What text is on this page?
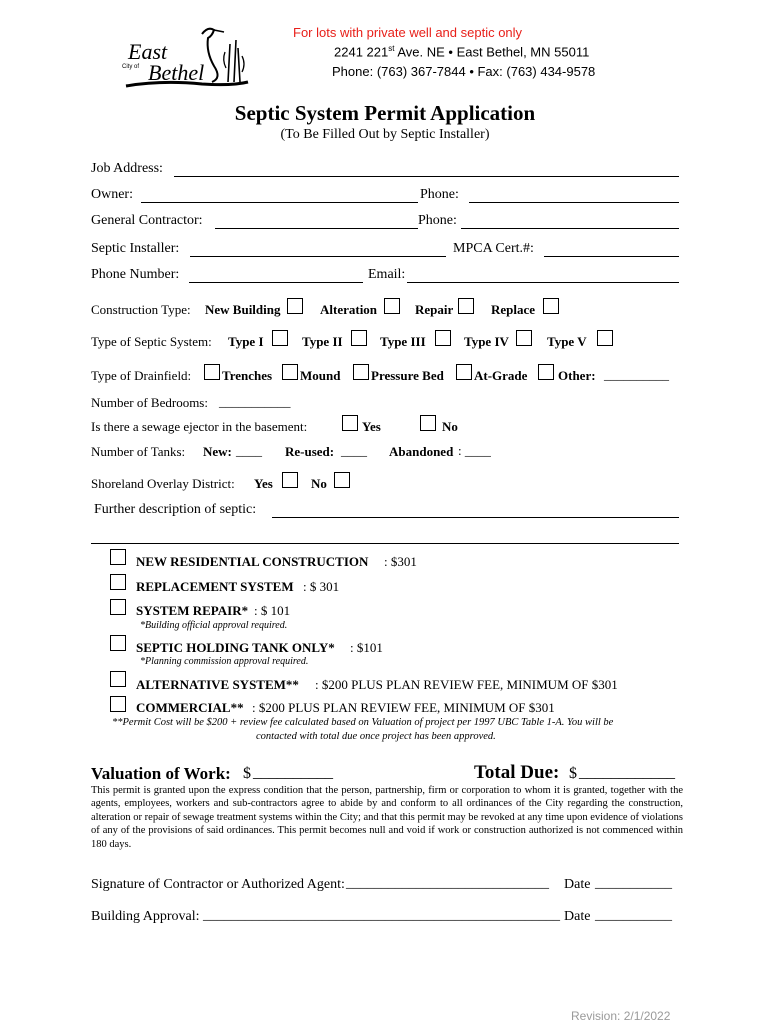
East
City of Bethel
For lots with private well and septic only
2241 221st Ave. NE • East Bethel, MN 55011
Phone: (763) 367-7844 • Fax: (763) 434-9578
Septic System Permit Application
(To Be Filled Out by Septic Installer)
Job Address:
Owner:	Phone:
General Contractor:	Phone:
Septic Installer:	MPCA Cert.#:
Phone Number:	Email:
Construction Type: New Building	Alteration	Repair	Replace
Type of Septic System: Type I	Type II	Type III	Type IV	Type V
Type of Drainfield: Trenches Mound Pressure Bed At-Grade Other: __________
Number of Bedrooms: ___________
Is there a sewage ejector in the basement:	Yes	No
Number of Tanks: New: ____ Re-used: ____ Abandoned : ____
Shoreland Overlay District: Yes	No
Further description of septic:
NEW RESIDENTIAL CONSTRUCTION : $301
REPLACEMENT SYSTEM : $ 301
SYSTEM REPAIR* : $ 101
*Building official approval required.
SEPTIC HOLDING TANK ONLY* : $101
*Planning commission approval required.
ALTERNATIVE SYSTEM** : $200 PLUS PLAN REVIEW FEE, MINIMUM OF $301
COMMERCIAL** : $200 PLUS PLAN REVIEW FEE, MINIMUM OF $301
**Permit Cost will be $200 + review fee calculated based on Valuation of project per 1997 UBC Table 1-A. You will be
contacted with total due once project has been approved.
Valuation of Work: $ __________	Total Due: $ ____________
This permit is granted upon the express condition that the person, partnership, firm or corporation to whom it is granted, together with the agents, employees, workers and sub-contractors agree to abide by and conform to all ordinances of the City regarding the construction, alteration or repair of sewage treatment systems within the City; and that this permit may be revoked at any time upon evidence of violations of any of the provisions of said ordinances. This permit becomes null and void if work or construction authorized is not commenced within 180 days.
Signature of Contractor or Authorized Agent: _____________________________ Date ___________
Building Approval: ___________________________________________________ Date ___________
Revision: 2/1/2022
